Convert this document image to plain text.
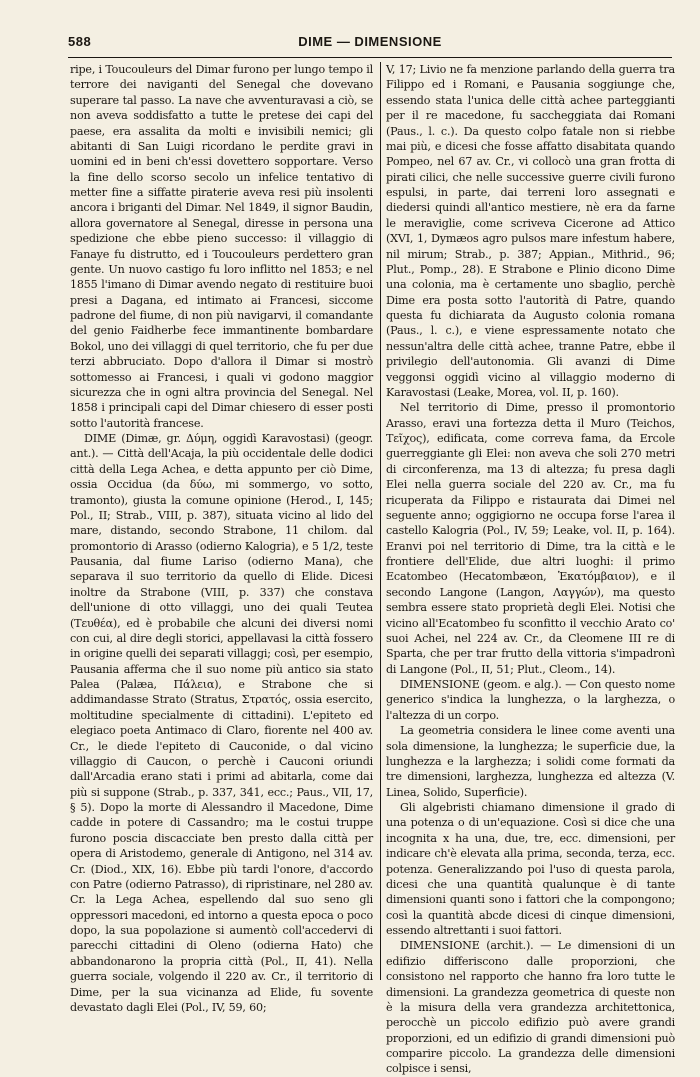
588	DIME — DIMENSIONE

ripe, i Toucouleurs del Dimar furono per lungo tempo il terrore dei naviganti del Senegal che dovevano superare tal passo. La nave che avventuravasi a ciò, se non aveva soddisfatto a tutte le pretese dei capi del paese, era assalita da molti e invisibili nemici; gli abitanti di San Luigi ricordano le perdite gravi in uomini ed in beni ch'essi dovettero sopportare. Verso la fine dello scorso secolo un infelice tentativo di metter fine a siffatte piraterie aveva resi più insolenti ancora i briganti del Dimar. Nel 1849, il signor Baudin, allora governatore al Senegal, diresse in persona una spedizione che ebbe pieno successo: il villaggio di Fanaye fu distrutto, ed i Toucouleurs perdettero gran gente. Un nuovo castigo fu loro inflitto nel 1853; e nel 1855 l'imano di Dimar avendo negato di restituire buoi presi a Dagana, ed intimato ai Francesi, siccome padrone del fiume, di non più navigarvi, il comandante del genio Faidherbe fece immantinente bombardare Bokol, uno dei villaggi di quel territorio, che fu per due terzi abbruciato. Dopo d'allora il Dimar si mostrò sottomesso ai Francesi, i quali vi godono maggior sicurezza che in ogni altra provincia del Senegal. Nel 1858 i principali capi del Dimar chiesero di esser posti sotto l'autorità francese.

DIME (Dimæ, gr. Δύμη, oggidì Karavostasi) (geogr. ant.). — Città dell'Acaja, la più occidentale delle dodici città della Lega Achea, e detta appunto per ciò Dime, ossia Occidua (da δύω, mi sommergo, vo sotto, tramonto), giusta la comune opinione (Herod., I, 145; Pol., II; Strab., VIII, p. 387), situata vicino al lido del mare, distando, secondo Strabone, 11 chilom. dal promontorio di Arasso (odierno Kalogria), e 5 1/2, teste Pausania, dal fiume Lariso (odierno Mana), che separava il suo territorio da quello di Elide. Dicesi inoltre da Strabone (VIII, p. 337) che constava dell'unione di otto villaggi, uno dei quali Teutea (Τευθέα), ed è probabile che alcuni dei diversi nomi con cui, al dire degli storici, appellavasi la città fossero in origine quelli dei separati villaggi; così, per esempio, Pausania afferma che il suo nome più antico sia stato Palea (Palæa, Πάλεια), e Strabone che si addimandasse Strato (Stratus, Στρατός, ossia esercito, moltitudine specialmente di cittadini). L'epiteto ed elegiaco poeta Antimaco di Claro, fiorente nel 400 av. Cr., le diede l'epiteto di Cauconide, o dal vicino villaggio di Caucon, o perchè i Cauconi oriundi dall'Arcadia erano stati i primi ad abitarla, come dai più si suppone (Strab., p. 337, 341, ecc.; Paus., VII, 17, § 5). Dopo la morte di Alessandro il Macedone, Dime cadde in potere di Cassandro; ma le costui truppe furono poscia discacciate ben presto dalla città per opera di Aristodemo, generale di Antigono, nel 314 av. Cr. (Diod., XIX, 16). Ebbe più tardi l'onore, d'accordo con Patre (odierno Patrasso), di ripristinare, nel 280 av. Cr. la Lega Achea, espellendo dal suo seno gli oppressori macedoni, ed intorno a questa epoca o poco dopo, la sua popolazione si aumentò coll'accedervi di parecchi cittadini di Oleno (odierna Hato) che abbandonarono la propria città (Pol., II, 41). Nella guerra sociale, volgendo il 220 av. Cr., il territorio di Dime, per la sua vicinanza ad Elide, fu sovente devastato dagli Elei (Pol., IV, 59, 60;

V, 17; Livio ne fa menzione parlando della guerra tra Filippo ed i Romani, e Pausania soggiunge che, essendo stata l'unica delle città achee parteggianti per il re macedone, fu saccheggiata dai Romani (Paus., l. c.). Da questo colpo fatale non si riebbe mai più, e dicesi che fosse affatto disabitata quando Pompeo, nel 67 av. Cr., vi collocò una gran frotta di pirati cilici, che nelle successive guerre civili furono espulsi, in parte, dai terreni loro assegnati e diedersi quindi all'antico mestiere, nè era da farne le meraviglie, come scriveva Cicerone ad Attico (XVI, 1, Dymæos agro pulsos mare infestum habere, nil mirum; Strab., p. 387; Appian., Mithrid., 96; Plut., Pomp., 28). E Strabone e Plinio dicono Dime una colonia, ma è certamente uno sbaglio, perchè Dime era posta sotto l'autorità di Patre, quando questa fu dichiarata da Augusto colonia romana (Paus., l. c.), e viene espressamente notato che nessun'altra delle città achee, tranne Patre, ebbe il privilegio dell'autonomia. Gli avanzi di Dime veggonsi oggidì vicino al villaggio moderno di Karavostasi (Leake, Morea, vol. II, p. 160).

Nel territorio di Dime, presso il promontorio Arasso, eravi una fortezza detta il Muro (Teichos, Τεῖχος), edificata, come correva fama, da Ercole guerreggiante gli Elei: non aveva che soli 270 metri di circonferenza, ma 13 di altezza; fu presa dagli Elei nella guerra sociale del 220 av. Cr., ma fu ricuperata da Filippo e ristaurata dai Dimei nel seguente anno; oggigiorno ne occupa forse l'area il castello Kalogria (Pol., IV, 59; Leake, vol. II, p. 164). Eranvi poi nel territorio di Dime, tra la città e le frontiere dell'Elide, due altri luoghi: il primo Ecatombeo (Hecatombæon, Ἑκατόμβαιον), e il secondo Langone (Langon, Λαγγών), ma questo sembra essere stato proprietà degli Elei. Notisi che vicino all'Ecatombeo fu sconfitto il vecchio Arato co' suoi Achei, nel 224 av. Cr., da Cleomene III re di Sparta, che per trar frutto della vittoria s'impadronì di Langone (Pol., II, 51; Plut., Cleom., 14).

DIMENSIONE (geom. e alg.). — Con questo nome generico s'indica la lunghezza, o la larghezza, o l'altezza di un corpo.

La geometria considera le linee come aventi una sola dimensione, la lunghezza; le superficie due, la lunghezza e la larghezza; i solidi come formati da tre dimensioni, larghezza, lunghezza ed altezza (V. Linea, Solido, Superficie).

Gli algebristi chiamano dimensione il grado di una potenza o di un'equazione. Così si dice che una incognita x ha una, due, tre, ecc. dimensioni, per indicare ch'è elevata alla prima, seconda, terza, ecc. potenza. Generalizzando poi l'uso di questa parola, dicesi che una quantità qualunque è di tante dimensioni quanti sono i fattori che la compongono; così la quantità abcde dicesi di cinque dimensioni, essendo altrettanti i suoi fattori.

DIMENSIONE (archit.). — Le dimensioni di un edifizio differiscono dalle proporzioni, che consistono nel rapporto che hanno fra loro tutte le dimensioni. La grandezza geometrica di queste non è la misura della vera grandezza architettonica, perocchè un piccolo edifizio può avere grandi proporzioni, ed un edifizio di grandi dimensioni può comparire piccolo. La grandezza delle dimensioni colpisce i sensi,
